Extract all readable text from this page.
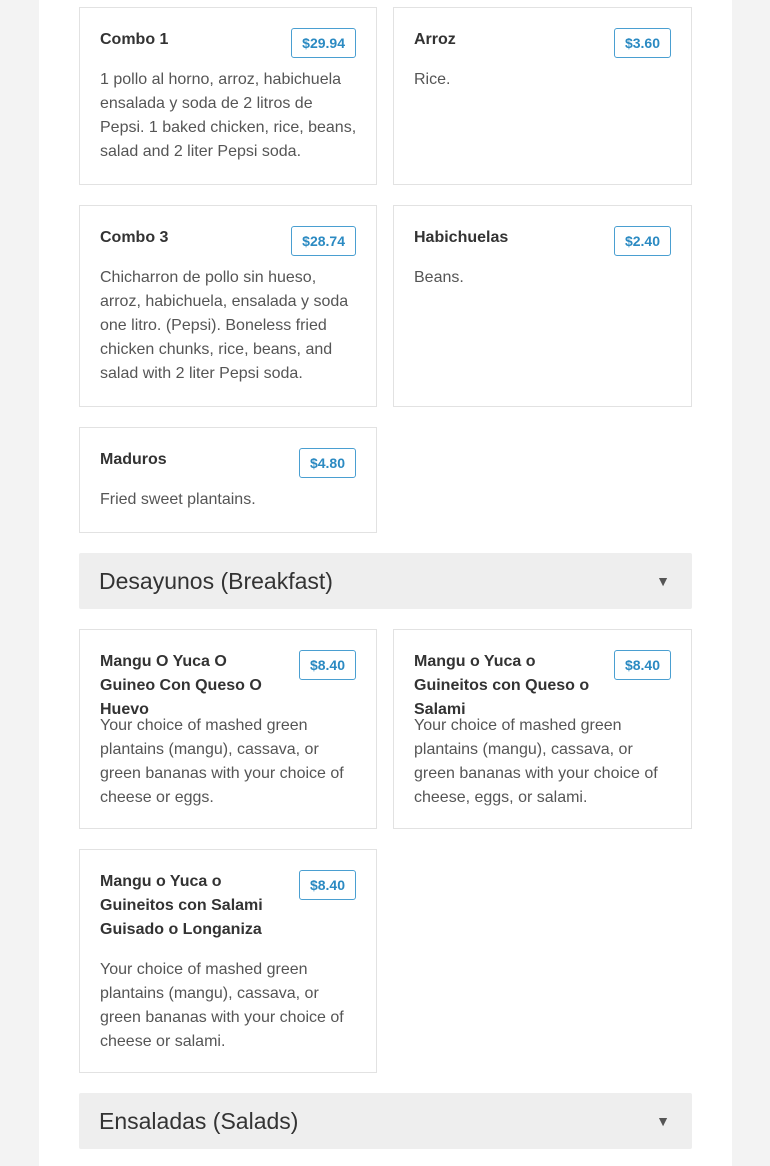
Combo 1	$29.94
1 pollo al horno, arroz, habichuela ensalada y soda de 2 litros de Pepsi. 1 baked chicken, rice, beans, salad and 2 liter Pepsi soda.
Arroz	$3.60
Rice.
Combo 3	$28.74
Chicharron de pollo sin hueso, arroz, habichuela, ensalada y soda one litro. (Pepsi). Boneless fried chicken chunks, rice, beans, and salad with 2 liter Pepsi soda.
Habichuelas	$2.40
Beans.
Maduros	$4.80
Fried sweet plantains.
Desayunos (Breakfast)	▼
Mangu O Yuca O Guineo Con Queso O Huevo
$8.40
Your choice of mashed green plantains (mangu), cassava, or green bananas with your choice of cheese or eggs.
Mangu o Yuca o Guineitos con Queso o Salami
$8.40
Your choice of mashed green plantains (mangu), cassava, or green bananas with your choice of cheese, eggs, or salami.
Mangu o Yuca o Guineitos con Salami Guisado o Longaniza
$8.40
Your choice of mashed green plantains (mangu), cassava, or green bananas with your choice of cheese or salami.
Ensaladas (Salads)	▼
